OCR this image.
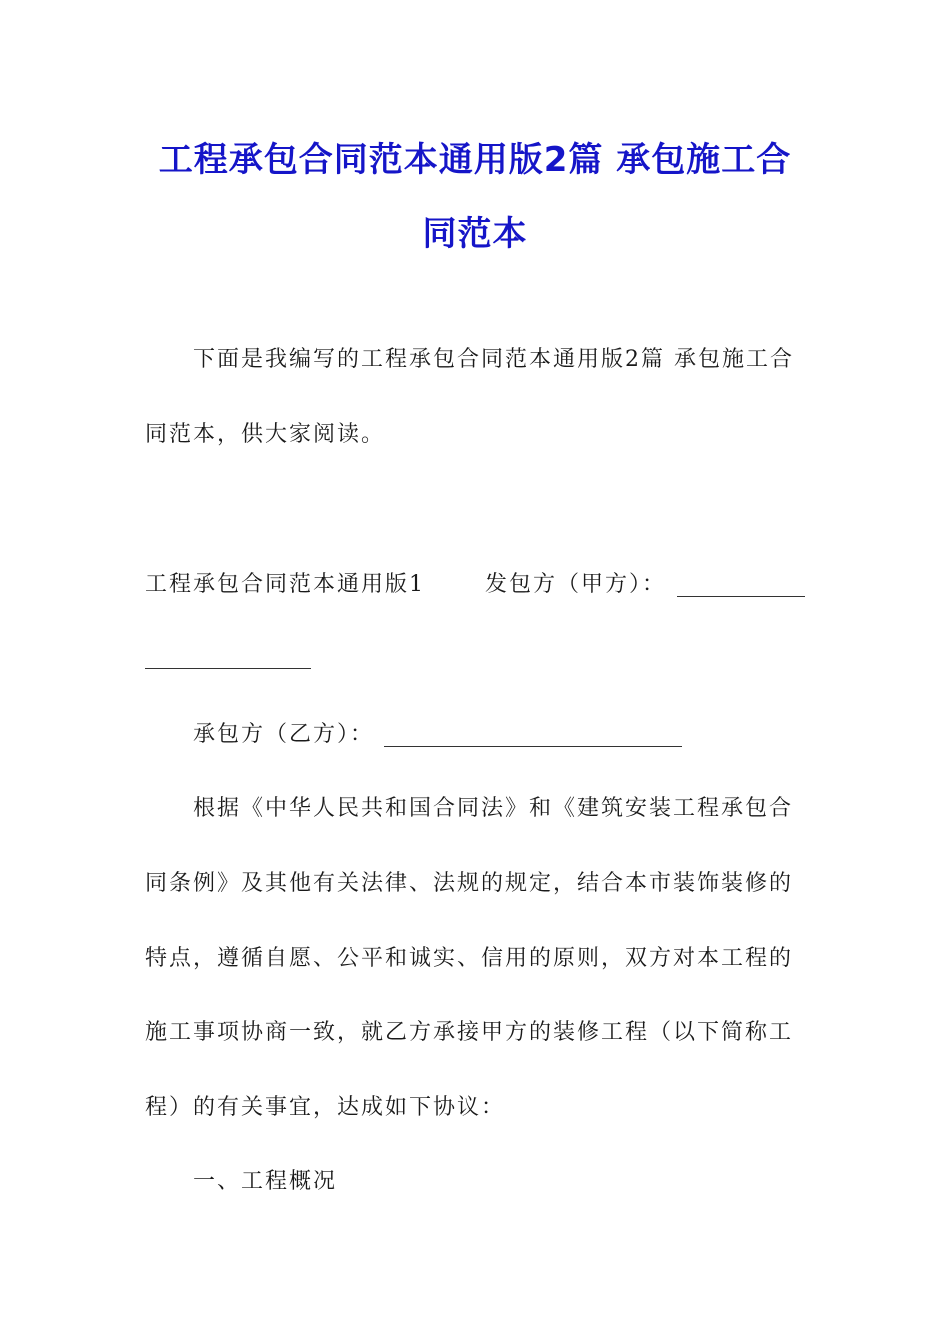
工程承包合同范本通用版2篇 承包施工合
同范本
下面是我编写的工程承包合同范本通用版2篇 承包施工合
同范本，供大家阅读。
工程承包合同范本通用版1	发包方（甲方）：
承包方（乙方）：
根据《中华人民共和国合同法》和《建筑安装工程承包合
同条例》及其他有关法律、法规的规定，结合本市装饰装修的
特点，遵循自愿、公平和诚实、信用的原则，双方对本工程的
施工事项协商一致，就乙方承接甲方的装修工程（以下简称工
程）的有关事宜，达成如下协议：
一、工程概况
